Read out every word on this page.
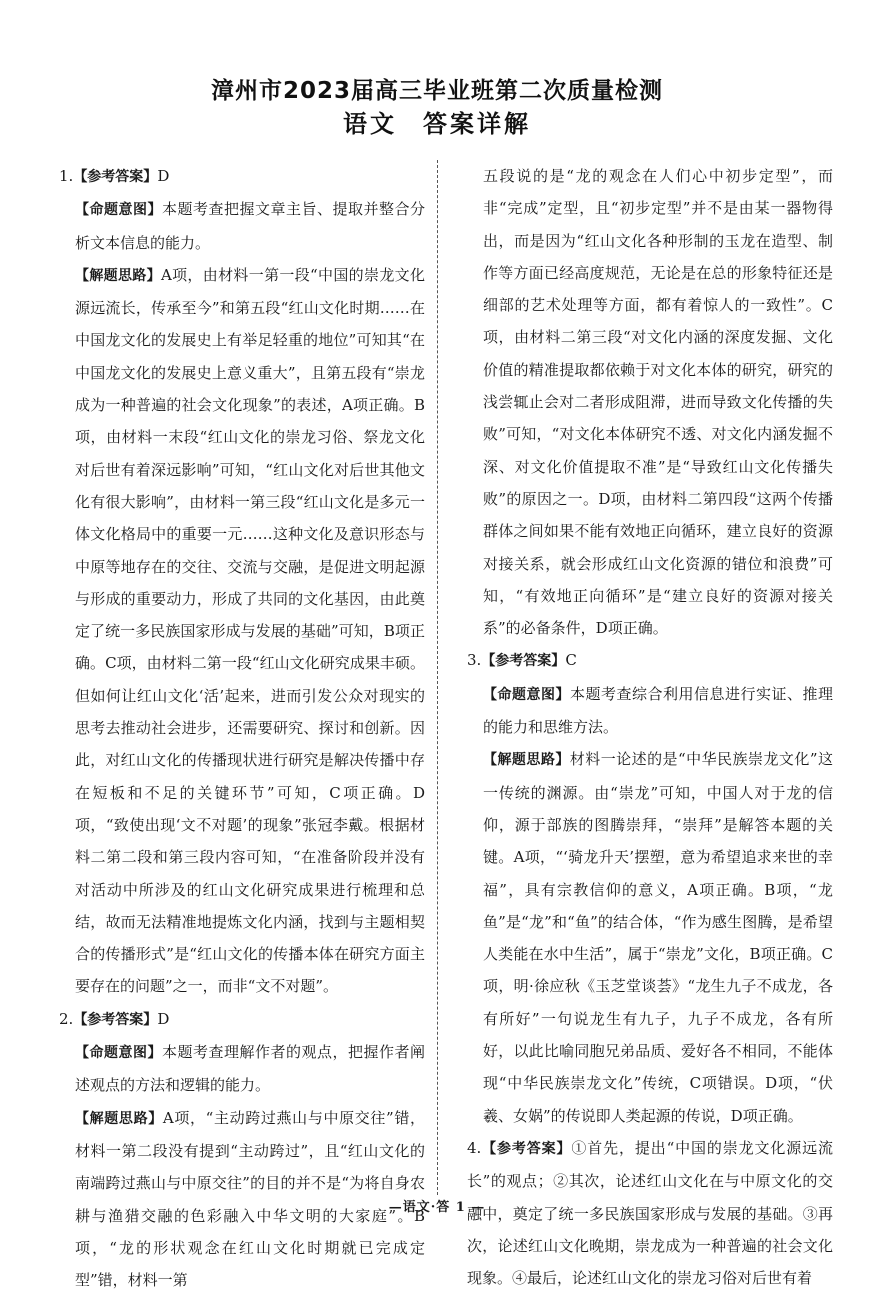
漳州市2023届高三毕业班第二次质量检测
语文 答案详解

1.【参考答案】D

【命题意图】本题考查把握文章主旨、提取并整合分析文本信息的能力。

【解题思路】A项，由材料一第一段“中国的崇龙文化源远流长，传承至今”和第五段“红山文化时期……在中国龙文化的发展史上有举足轻重的地位”可知其“在中国龙文化的发展史上意义重大”，且第五段有“崇龙成为一种普遍的社会文化现象”的表述，A项正确。B项，由材料一末段“红山文化的崇龙习俗、祭龙文化对后世有着深远影响”可知，“红山文化对后世其他文化有很大影响”，由材料一第三段“红山文化是多元一体文化格局中的重要一元……这种文化及意识形态与中原等地存在的交往、交流与交融，是促进文明起源与形成的重要动力，形成了共同的文化基因，由此奠定了统一多民族国家形成与发展的基础”可知，B项正确。C项，由材料二第一段“红山文化研究成果丰硕。但如何让红山文化‘活’起来，进而引发公众对现实的思考去推动社会进步，还需要研究、探讨和创新。因此，对红山文化的传播现状进行研究是解决传播中存在短板和不足的关键环节”可知，C项正确。D项，“致使出现‘文不对题’的现象”张冠李戴。根据材料二第二段和第三段内容可知，“在准备阶段并没有对活动中所涉及的红山文化研究成果进行梳理和总结，故而无法精准地提炼文化内涵，找到与主题相契合的传播形式”是“红山文化的传播本体在研究方面主要存在的问题”之一，而非“文不对题”。

2.【参考答案】D

【命题意图】本题考查理解作者的观点，把握作者阐述观点的方法和逻辑的能力。

【解题思路】A项，“主动跨过燕山与中原交往”错，材料一第二段没有提到“主动跨过”，且“红山文化的南端跨过燕山与中原交往”的目的并不是“为将自身农耕与渔猎交融的色彩融入中华文明的大家庭”。B项，“龙的形状观念在红山文化时期就已完成定型”错，材料一第

五段说的是“龙的观念在人们心中初步定型”，而非“完成”定型，且“初步定型”并不是由某一器物得出，而是因为“红山文化各种形制的玉龙在造型、制作等方面已经高度规范，无论是在总的形象特征还是细部的艺术处理等方面，都有着惊人的一致性”。C项，由材料二第三段“对文化内涵的深度发掘、文化价值的精准提取都依赖于对文化本体的研究，研究的浅尝辄止会对二者形成阻滞，进而导致文化传播的失败”可知，“对文化本体研究不透、对文化内涵发掘不深、对文化价值提取不准”是“导致红山文化传播失败”的原因之一。D项，由材料二第四段“这两个传播群体之间如果不能有效地正向循环，建立良好的资源对接关系，就会形成红山文化资源的错位和浪费”可知，“有效地正向循环”是“建立良好的资源对接关系”的必备条件，D项正确。

3.【参考答案】C

【命题意图】本题考查综合利用信息进行实证、推理的能力和思维方法。

【解题思路】材料一论述的是“中华民族崇龙文化”这一传统的渊源。由“崇龙”可知，中国人对于龙的信仰，源于部族的图腾崇拜，“崇拜”是解答本题的关键。A项，“‘骑龙升天’摆塑，意为希望追求来世的幸福”，具有宗教信仰的意义，A项正确。B项，“龙鱼”是“龙”和“鱼”的结合体，“作为感生图腾，是希望人类能在水中生活”，属于“崇龙”文化，B项正确。C项，明·徐应秋《玉芝堂谈荟》“龙生九子不成龙，各有所好”一句说龙生有九子，九子不成龙，各有所好，以此比喻同胞兄弟品质、爱好各不相同，不能体现“中华民族崇龙文化”传统，C项错误。D项，“伏羲、女娲”的传说即人类起源的传说，D项正确。

4.【参考答案】①首先，提出“中国的崇龙文化源远流长”的观点；②其次，论述红山文化在与中原文化的交融中，奠定了统一多民族国家形成与发展的基础。③再次，论述红山文化晚期，崇龙成为一种普遍的社会文化现象。④最后，论述红山文化的崇龙习俗对后世有着

—语文·答 1 —
